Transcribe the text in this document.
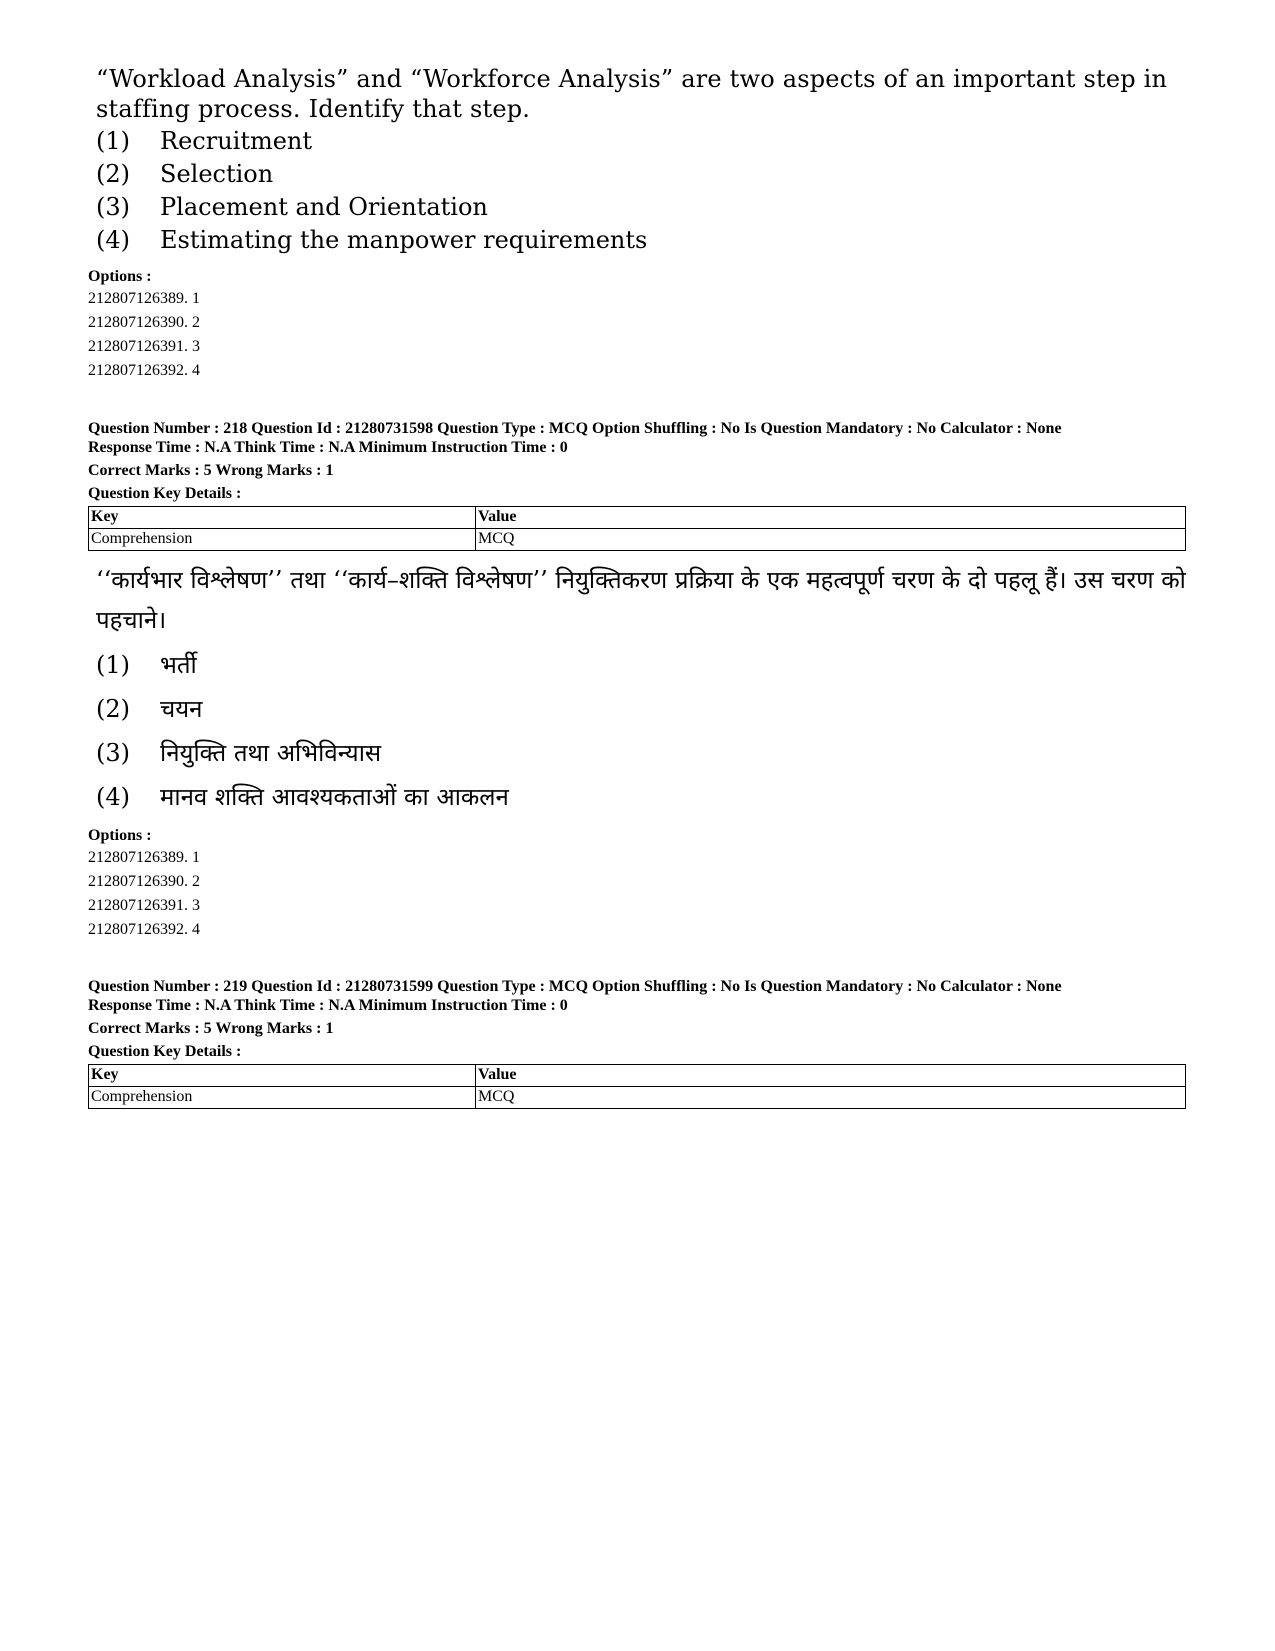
“Workload Analysis” and “Workforce Analysis” are two aspects of an important step in staffing process. Identify that step.
(1) Recruitment
(2) Selection
(3) Placement and Orientation
(4) Estimating the manpower requirements
Options :
212807126389. 1
212807126390. 2
212807126391. 3
212807126392. 4
Question Number : 218 Question Id : 21280731598 Question Type : MCQ Option Shuffling : No Is Question Mandatory : No Calculator : None
Response Time : N.A Think Time : N.A Minimum Instruction Time : 0
Correct Marks : 5 Wrong Marks : 1
Question Key Details :
Key	Value
Comprehension	MCQ
‘‘कार्यभार विश्लेषण’’ तथा ‘‘कार्य–शक्ति विश्लेषण’’ नियुक्तिकरण प्रक्रिया के एक महत्वपूर्ण चरण के दो पहलू हैं। उस चरण को पहचाने।
(1) भर्ती
(2) चयन
(3) नियुक्ति तथा अभिविन्यास
(4) मानव शक्ति आवश्यकताओं का आकलन
Options :
212807126389. 1
212807126390. 2
212807126391. 3
212807126392. 4
Question Number : 219 Question Id : 21280731599 Question Type : MCQ Option Shuffling : No Is Question Mandatory : No Calculator : None
Response Time : N.A Think Time : N.A Minimum Instruction Time : 0
Correct Marks : 5 Wrong Marks : 1
Question Key Details :
Key	Value
Comprehension	MCQ
